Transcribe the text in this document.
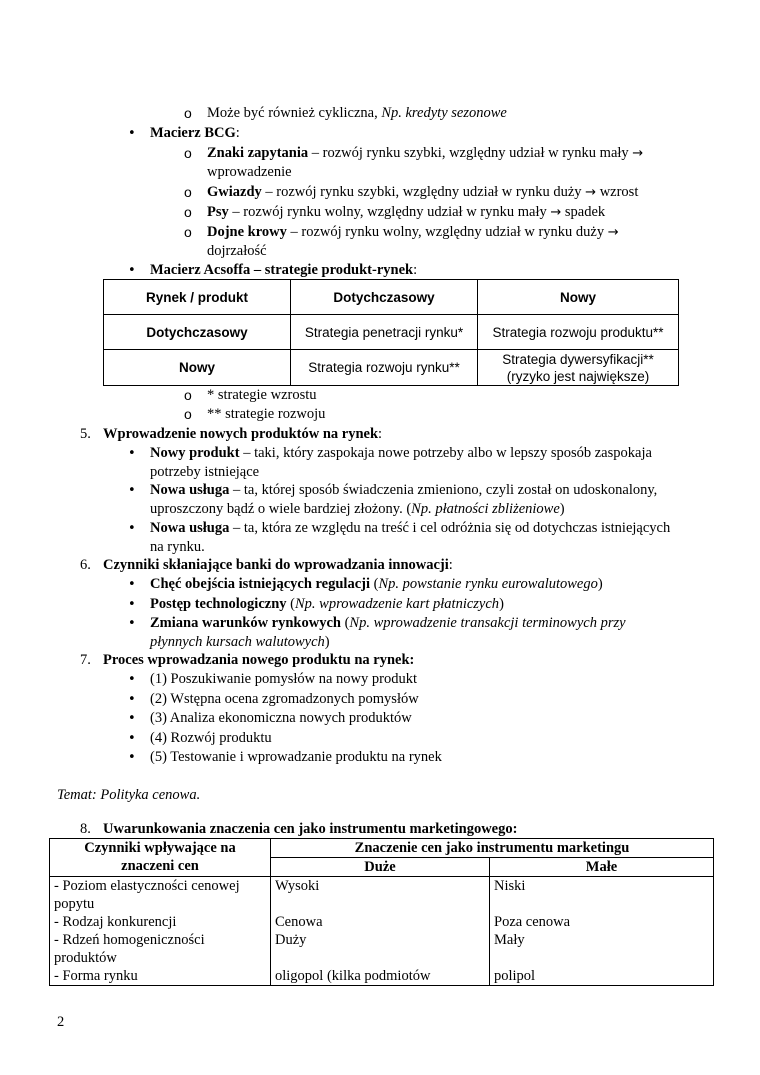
o Może być również cykliczna, Np. kredyty sezonowe
• Macierz BCG:
o Znaki zapytania – rozwój rynku szybki, względny udział w rynku mały →
wprowadzenie
o Gwiazdy – rozwój rynku szybki, względny udział w rynku duży → wzrost
o Psy – rozwój rynku wolny, względny udział w rynku mały → spadek
o Dojne krowy – rozwój rynku wolny, względny udział w rynku duży →
dojrzałość
• Macierz Acsoffa – strategie produkt-rynek:
Rynek / produkt	Dotychczasowy	Nowy
Dotychczasowy	Strategia penetracji rynku*	Strategia rozwoju produktu**
Nowy	Strategia rozwoju rynku**	Strategia dywersyfikacji**
(ryzyko jest największe)
o * strategie wzrostu
o ** strategie rozwoju
5. Wprowadzenie nowych produktów na rynek:
• Nowy produkt – taki, który zaspokaja nowe potrzeby albo w lepszy sposób zaspokaja
potrzeby istniejące
• Nowa usługa – ta, której sposób świadczenia zmieniono, czyli został on udoskonalony,
uproszczony bądź o wiele bardziej złożony. (Np. płatności zbliżeniowe)
• Nowa usługa – ta, która ze względu na treść i cel odróżnia się od dotychczas istniejących
na rynku.
6. Czynniki skłaniające banki do wprowadzania innowacji:
• Chęć obejścia istniejących regulacji (Np. powstanie rynku eurowalutowego)
• Postęp technologiczny (Np. wprowadzenie kart płatniczych)
• Zmiana warunków rynkowych (Np. wprowadzenie transakcji terminowych przy
płynnych kursach walutowych)
7. Proces wprowadzania nowego produktu na rynek:
• (1) Poszukiwanie pomysłów na nowy produkt
• (2) Wstępna ocena zgromadzonych pomysłów
• (3) Analiza ekonomiczna nowych produktów
• (4) Rozwój produktu
• (5) Testowanie i wprowadzanie produktu na rynek
Temat: Polityka cenowa.
8. Uwarunkowania znaczenia cen jako instrumentu marketingowego:
Czynniki wpływające na
znaczeni cen	Znaczenie cen jako instrumentu marketingu	
	Duże	Małe

- Poziom elastyczności cenowej
popytu	Wysoki	Niski
- Rodzaj konkurencji	Cenowa	Poza cenowa

- Rdzeń homogeniczności
produktów	Duży	Mały
- Forma rynku	oligopol (kilka podmiotów	polipol
2
